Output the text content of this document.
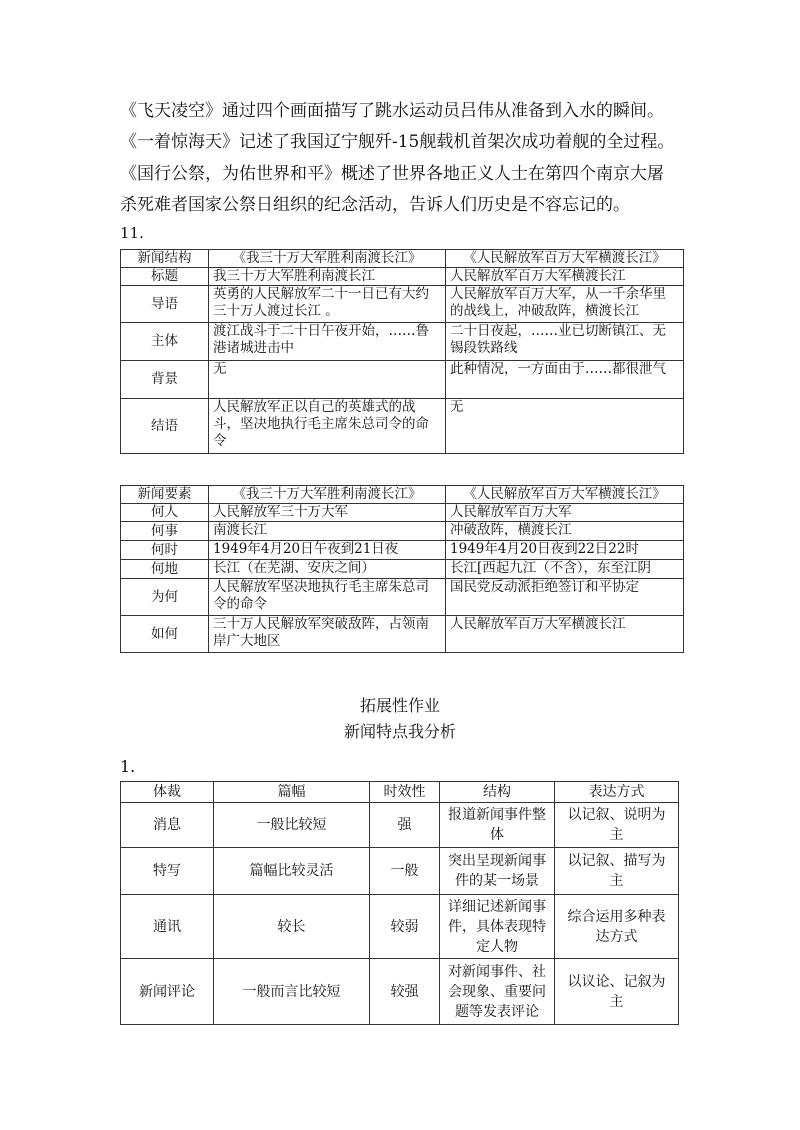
《飞天凌空》通过四个画面描写了跳水运动员吕伟从准备到入水的瞬间。
《一着惊海天》记述了我国辽宁舰歼-15舰载机首架次成功着舰的全过程。
《国行公祭，为佑世界和平》概述了世界各地正义人士在第四个南京大屠
杀死难者国家公祭日组织的纪念活动，告诉人们历史是不容忘记的。
11.
新闻结构	《我三十万大军胜利南渡长江》	《人民解放军百万大军横渡长江》
标题	我三十万大军胜利南渡长江	人民解放军百万大军横渡长江
导语	英勇的人民解放军二十一日已有大约三十万人渡过长江 。	人民解放军百万大军，从一千余华里的战线上，冲破敌阵，横渡长江
主体	渡江战斗于二十日午夜开始，……鲁港诸城进击中	二十日夜起，……业已切断镇江、无锡段铁路线
背景	无	此种情况，一方面由于……都很泄气
结语	人民解放军正以自己的英雄式的战斗，坚决地执行毛主席朱总司令的命令	无
新闻要素	《我三十万大军胜利南渡长江》	《人民解放军百万大军横渡长江》
何人	人民解放军三十万大军	人民解放军百万大军
何事	南渡长江	冲破敌阵，横渡长江
何时	1949年4月20日午夜到21日夜	1949年4月20日夜到22日22时
何地	长江（在芜湖、安庆之间）	长江[西起九江（不含），东至江阴
为何	人民解放军坚决地执行毛主席朱总司令的命令	国民党反动派拒绝签订和平协定
如何	三十万人民解放军突破敌阵，占领南岸广大地区	人民解放军百万大军横渡长江
拓展性作业
新闻特点我分析
1.
体裁	篇幅	时效性	结构	表达方式
消息	一般比较短	强	报道新闻事件整体	以记叙、说明为主
特写	篇幅比较灵活	一般	突出呈现新闻事件的某一场景	以记叙、描写为主
通讯	较长	较弱	详细记述新闻事件，具体表现特定人物	综合运用多种表达方式
新闻评论	一般而言比较短	较强	对新闻事件、社会现象、重要问题等发表评论	以议论、记叙为主
